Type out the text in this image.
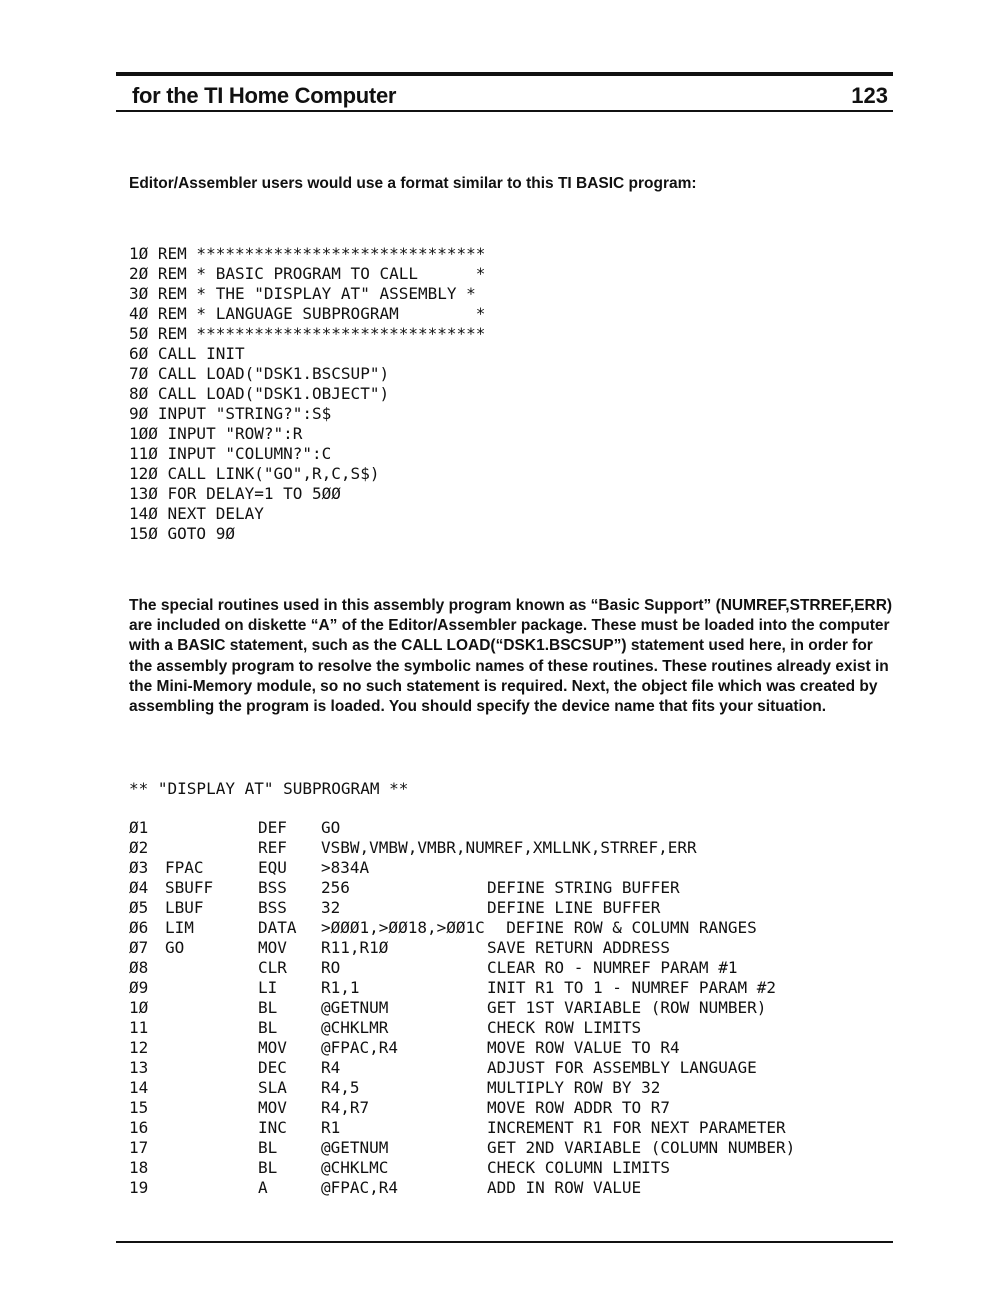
for the TI Home Computer	123
Editor/Assembler users would use a format similar to this TI BASIC program:
1Ø REM ******************************
2Ø REM * BASIC PROGRAM TO CALL      *
3Ø REM * THE "DISPLAY AT" ASSEMBLY *
4Ø REM * LANGUAGE SUBPROGRAM        *
5Ø REM ******************************
6Ø CALL INIT
7Ø CALL LOAD("DSK1.BSCSUP")
8Ø CALL LOAD("DSK1.OBJECT")
9Ø INPUT "STRING?":S$
1ØØ INPUT "ROW?":R
11Ø INPUT "COLUMN?":C
12Ø CALL LINK("GO",R,C,S$)
13Ø FOR DELAY=1 TO 5ØØ
14Ø NEXT DELAY
15Ø GOTO 9Ø
The special routines used in this assembly program known as “Basic Support” (NUMREF,STRREF,ERR) are included on diskette “A” of the Editor/Assembler package. These must be loaded into the computer with a BASIC statement, such as the CALL LOAD(“DSK1.BSCSUP”) statement used here, in order for the assembly program to resolve the symbolic names of these routines. These routines already exist in the Mini-Memory module, so no such statement is required. Next, the object file which was created by assembling the program is loaded. You should specify the device name that fits your situation.
** "DISPLAY AT" SUBPROGRAM **
Ø1	DEF GO
Ø2	REF VSBW,VMBW,VMBR,NUMREF,XMLLNK,STRREF,ERR
Ø3 FPAC	EQU >834A
Ø4 SBUFF	BSS 256	DEFINE STRING BUFFER
Ø5 LBUF	BSS 32	DEFINE LINE BUFFER
Ø6 LIM	DATA >ØØØ1,>ØØ18,>ØØ1C DEFINE ROW & COLUMN RANGES
Ø7 GO	MOV R11,R1Ø	SAVE RETURN ADDRESS
Ø8	CLR RO	CLEAR RO - NUMREF PARAM #1
Ø9	LI	R1,1	INIT R1 TO 1 - NUMREF PARAM #2
1Ø	BL	@GETNUM	GET 1ST VARIABLE (ROW NUMBER)
11	BL	@CHKLMR	CHECK ROW LIMITS
12	MOV @FPAC,R4	MOVE ROW VALUE TO R4
13	DEC R4	ADJUST FOR ASSEMBLY LANGUAGE
14	SLA R4,5	MULTIPLY ROW BY 32
15	MOV R4,R7	MOVE ROW ADDR TO R7
16	INC R1	INCREMENT R1 FOR NEXT PARAMETER
17	BL	@GETNUM	GET 2ND VARIABLE (COLUMN NUMBER)
18	BL	@CHKLMC	CHECK COLUMN LIMITS
19	A	@FPAC,R4	ADD IN ROW VALUE
